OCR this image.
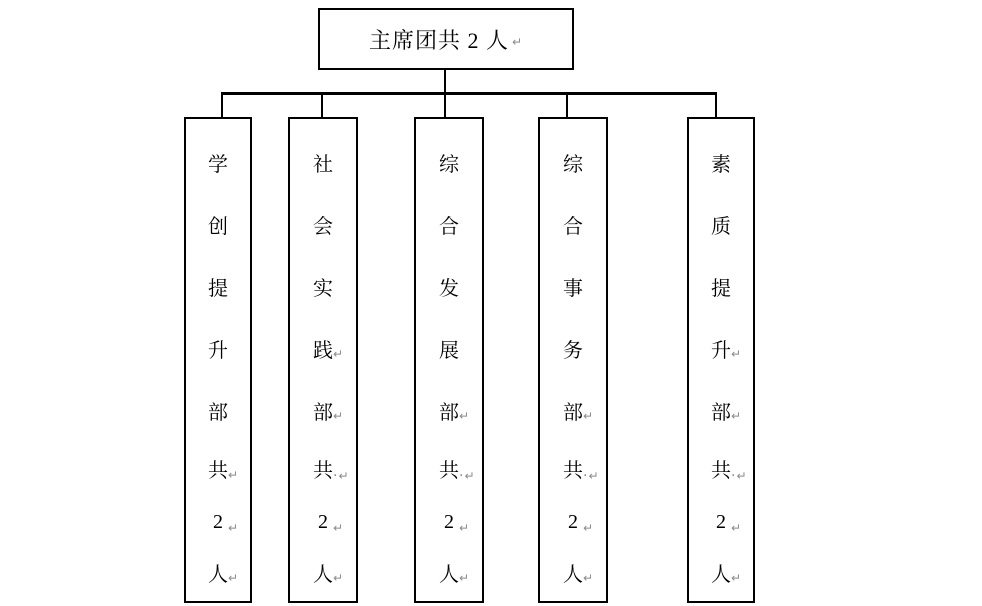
主席团共 2 人 ↵
学
创
提
升
部
共 ↵
2 ↵
人 ↵
社
会
实
践 ↵
部 ↵
共 · ↵
2 ↵
人 ↵
综
合
发
展
部 ↵
共 · ↵
2 ↵
人 ↵
综
合
事
务
部 ↵
共 · ↵
2 ↵
人 ↵
素
质
提
升 ↵
部 ↵
共 · ↵
2 ↵
人 ↵
